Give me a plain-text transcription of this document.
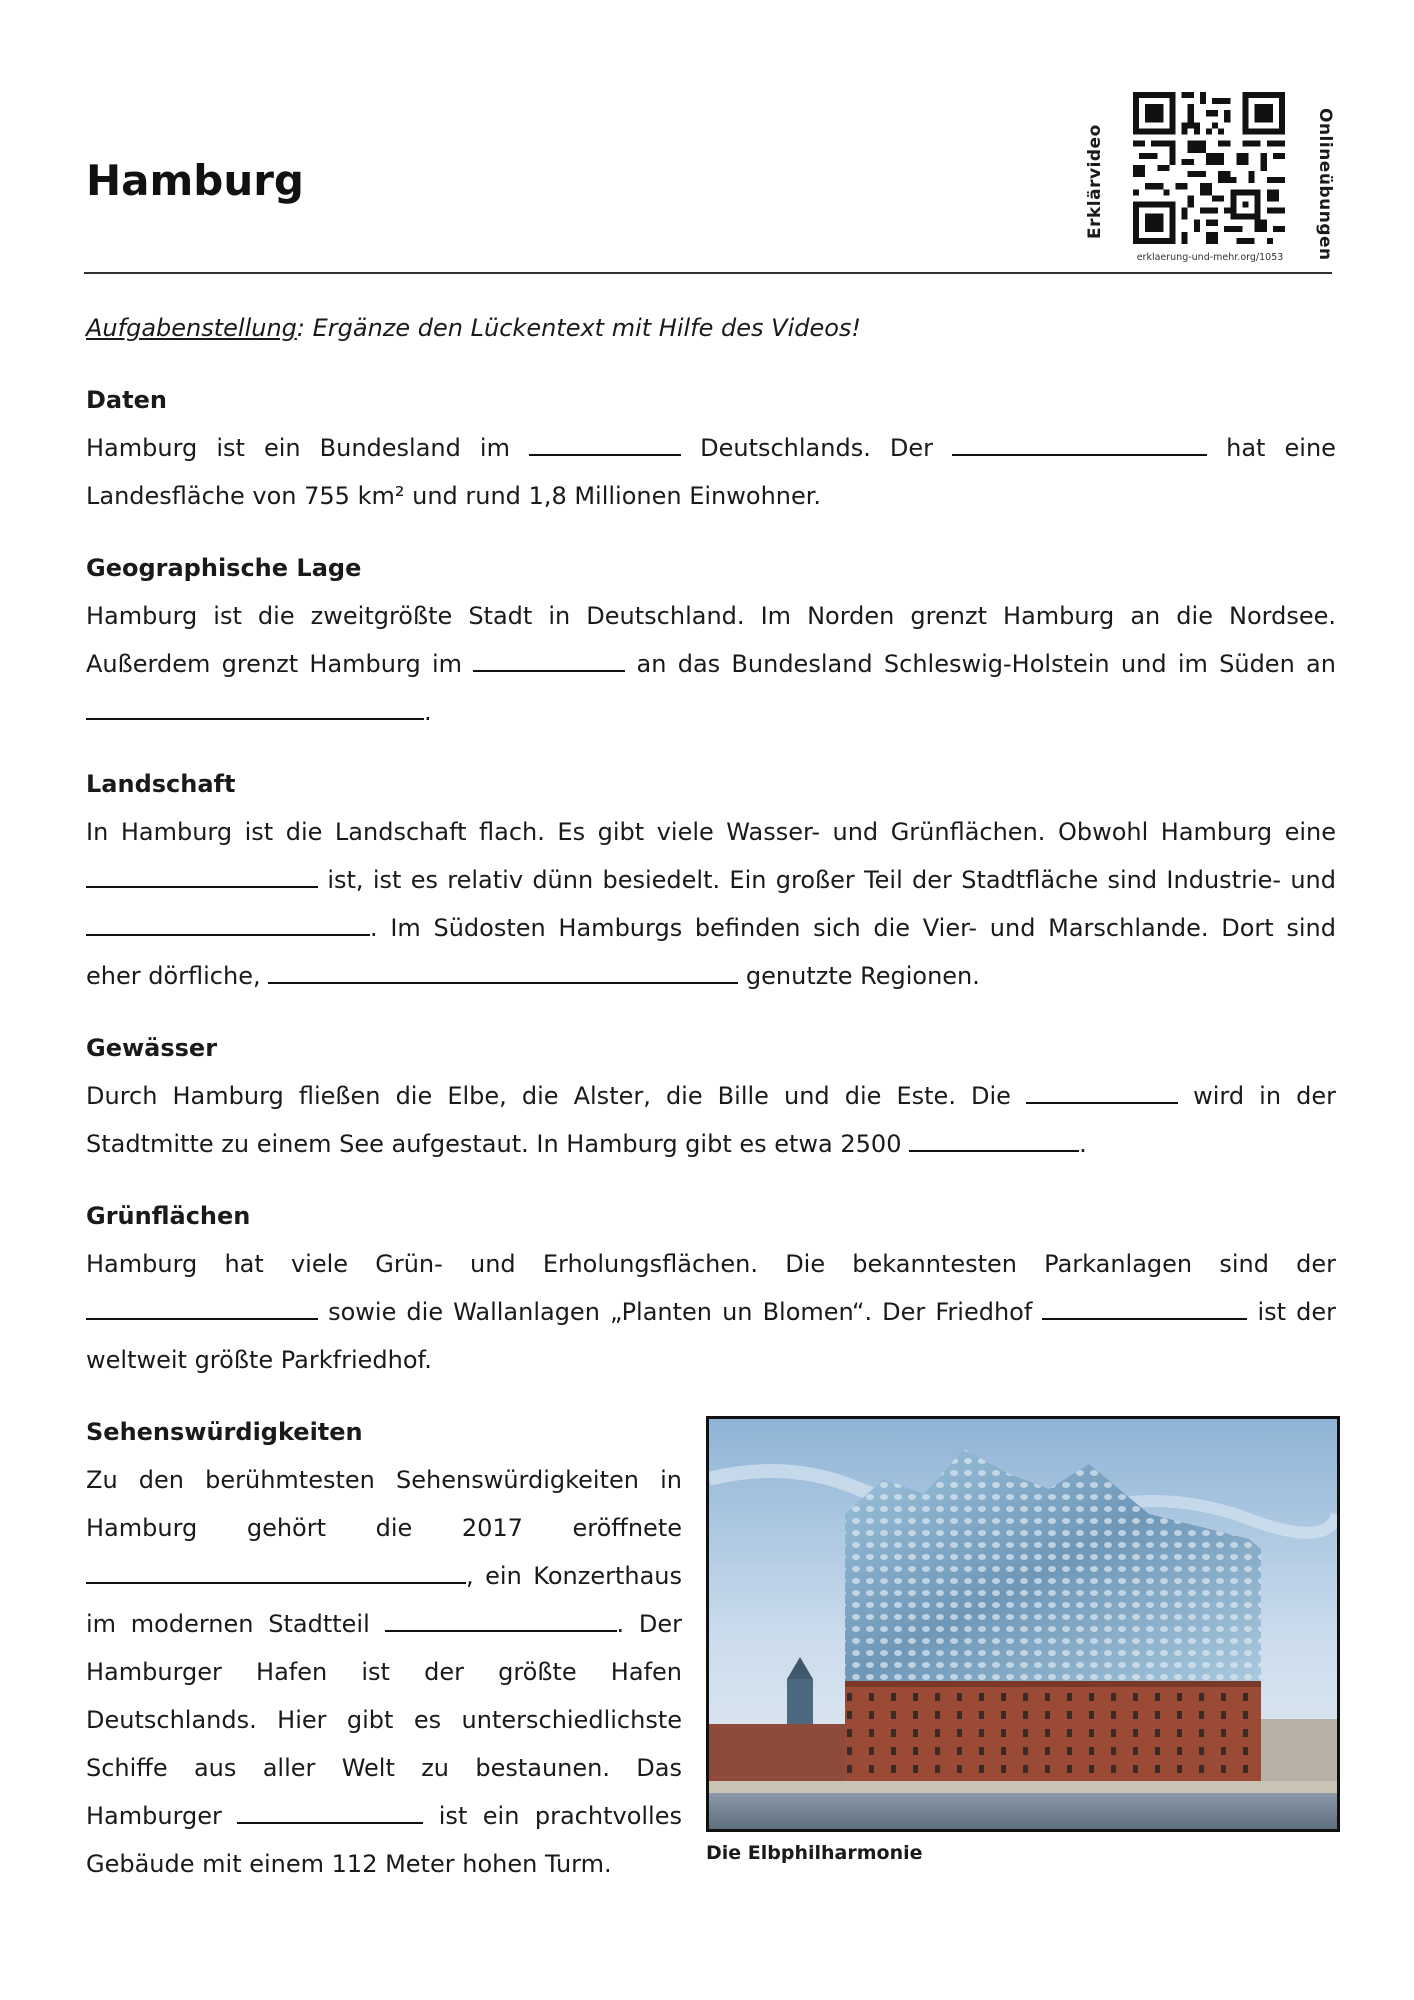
Hamburg	Erklärvideo	Onlineübungen
erklaerung-und-mehr.org/1053

Aufgabenstellung: Ergänze den Lückentext mit Hilfe des Videos!

Daten

Hamburg ist ein Bundesland im	Deutschlands. Der	hat eine Landesfläche von 755 km² und rund 1,8 Millionen Einwohner.

Geographische Lage

Hamburg ist die zweitgrößte Stadt in Deutschland. Im Norden grenzt Hamburg an die Nordsee. Außerdem grenzt Hamburg im	an das Bundesland Schleswig-Holstein und im Süden an .

Landschaft

In Hamburg ist die Landschaft flach. Es gibt viele Wasser- und Grünflächen. Obwohl Hamburg eine  ist, ist es relativ dünn besiedelt. Ein großer Teil der Stadtfläche sind Industrie- und . Im Südosten Hamburgs befinden sich die Vier- und Marschlande. Dort sind eher dörfliche,	genutzte Regionen.

Gewässer

Durch Hamburg fließen die Elbe, die Alster, die Bille und die Este. Die	wird in der Stadtmitte zu einem See aufgestaut. In Hamburg gibt es etwa 2500	.

Grünflächen

Hamburg hat viele Grün- und Erholungsflächen. Die bekanntesten Parkanlagen sind der  sowie die Wallanlagen „Planten un Blomen“. Der Friedhof	ist der weltweit größte Parkfriedhof.

Sehenswürdigkeiten

Zu den berühmtesten Sehenswürdigkeiten in Hamburg gehört die 2017 eröffnete , ein Konzerthaus im modernen Stadtteil	. Der Hamburger Hafen ist der größte Hafen Deutschlands. Hier gibt es unterschiedlichste Schiffe aus aller Welt zu bestaunen. Das Hamburger	ist ein prachtvolles Gebäude mit einem 112 Meter hohen Turm.	Die Elbphilharmonie
